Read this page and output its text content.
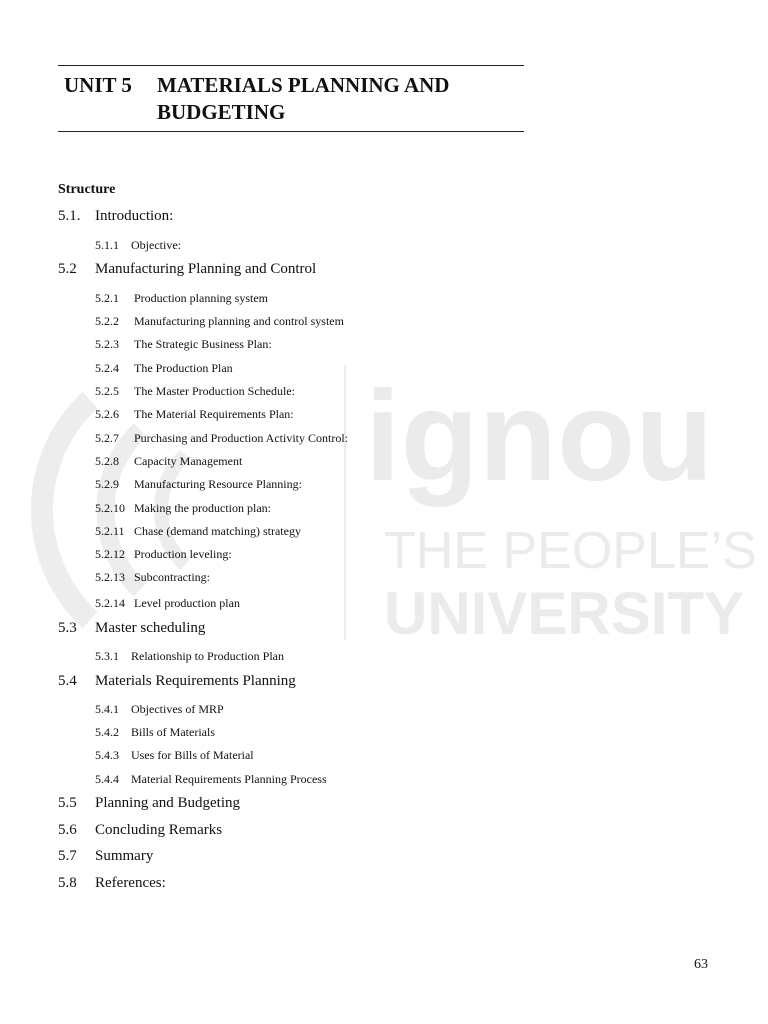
ignou
THE PEOPLE’S
UNIVERSITY
UNIT 5 MATERIALS PLANNING AND
BUDGETING
Structure
5.1. Introduction:
5.1.1 Objective:
5.2 Manufacturing Planning and Control
5.2.1 Production planning system
5.2.2 Manufacturing planning and control system
5.2.3 The Strategic Business Plan:
5.2.4 The Production Plan
5.2.5 The Master Production Schedule:
5.2.6 The Material Requirements Plan:
5.2.7 Purchasing and Production Activity Control:
5.2.8 Capacity Management
5.2.9 Manufacturing Resource Planning:
5.2.10 Making the production plan:
5.2.11 Chase (demand matching) strategy
5.2.12 Production leveling:
5.2.13 Subcontracting:
5.2.14 Level production plan
5.3 Master scheduling
5.3.1 Relationship to Production Plan
5.4 Materials Requirements Planning
5.4.1 Objectives of MRP
5.4.2 Bills of Materials
5.4.3 Uses for Bills of Material
5.4.4 Material Requirements Planning Process
5.5 Planning and Budgeting
5.6 Concluding Remarks
5.7 Summary
5.8 References:
63
